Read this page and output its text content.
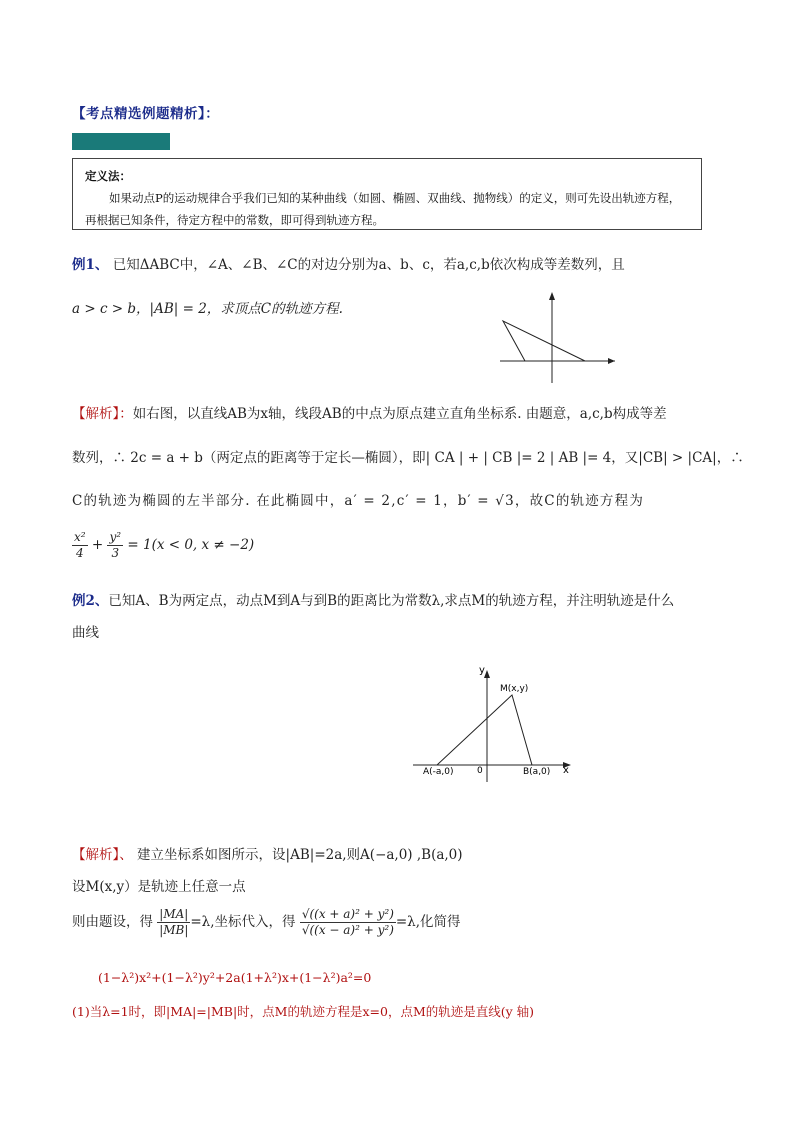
【考点精选例题精析】：
定义法：
如果动点P的运动规律合乎我们已知的某种曲线（如圆、椭圆、双曲线、抛物线）的定义，则可先设出轨迹方程，再根据已知条件，待定方程中的常数，即可得到轨迹方程。
例1、 已知ΔABC中，∠A、∠B、∠C的对边分别为a、b、c，若a,c,b依次构成等差数列，且
a > c > b，|AB| = 2，求顶点C的轨迹方程.
【解析】：如右图，以直线AB为x轴，线段AB的中点为原点建立直角坐标系. 由题意，a,c,b构成等差
数列，∴ 2c = a + b（两定点的距离等于定长—椭圆），即| CA | + | CB |= 2 | AB |= 4，又|CB| > |CA|，∴
C的轨迹为椭圆的左半部分. 在此椭圆中，a′ = 2,c′ = 1，b′ = √3，故C的轨迹方程为
$\frac{\text{x²}}{4} + \frac{\text{y²}}{3} = 1(x < 0$, x ≠ −2)
例2、已知A、B为两定点，动点M到A与到B的距离比为常数λ,求点M的轨迹方程，并注明轨迹是什么
曲线
y
x
M(x,y)
0
A(-a,0)	B(a,0)
【解析】、 建立坐标系如图所示，设|AB|=2a,则A(−a,0) ,B(a,0)
设M(x,y）是轨迹上任意一点
则由题设，得 $\frac{|MA|}{|MB|} =\lambda$,坐标代入，得 $\frac{\text{√((x + a)² + y²)}}{\text{√((x − a)² + y²)}} =\lambda$,化简得
(1−λ²)x²+(1−λ²)y²+2a(1+λ²)x+(1−λ²)a²=0
(1)当λ=1时，即|MA|=|MB|时，点M的轨迹方程是x=0，点M的轨迹是直线(y 轴)
